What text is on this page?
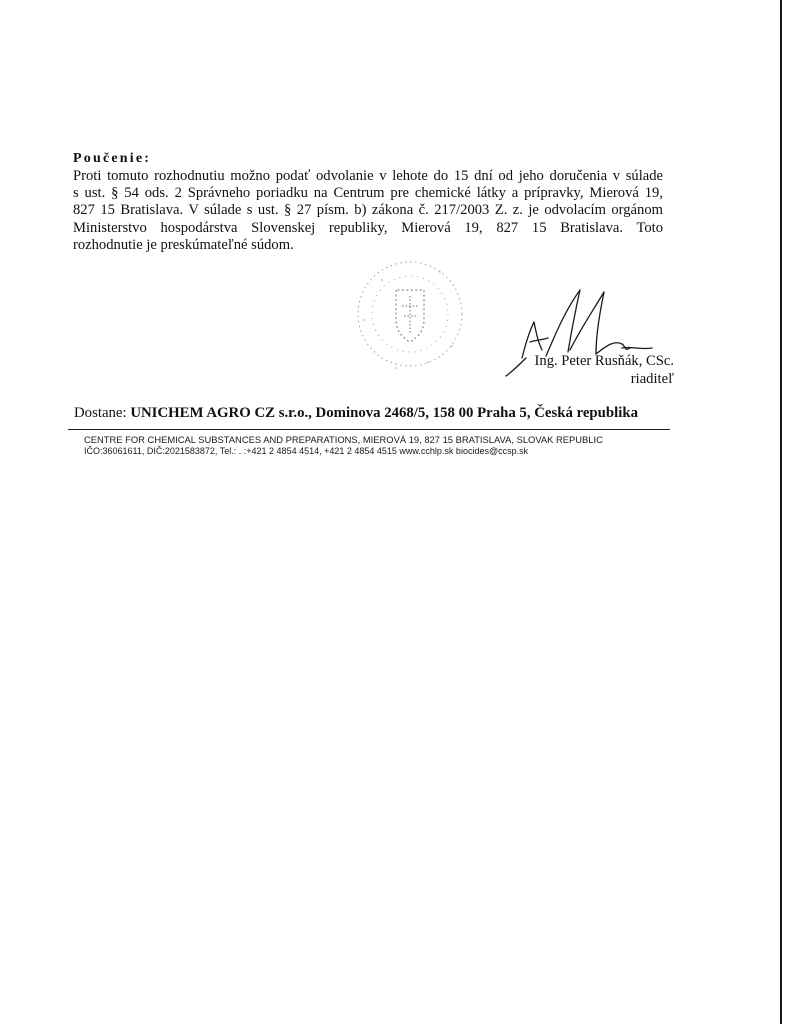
Poučenie:

Proti tomuto rozhodnutiu možno podať odvolanie v lehote do 15 dní od jeho doručenia v súlade
s ust. § 54 ods. 2 Správneho poriadku na Centrum pre chemické látky a prípravky, Mierová 19,
827 15 Bratislava. V súlade s ust. § 27 písm. b) zákona č. 217/2003 Z. z. je odvolacím orgánom
Ministerstvo hospodárstva Slovenskej republiky, Mierová 19, 827 15 Bratislava. Toto
rozhodnutie je preskúmateľné súdom.

Ing. Peter Rusňák, CSc.
riaditeľ
Dostane: UNICHEM AGRO CZ s.r.o., Dominova 2468/5, 158 00 Praha 5, Česká republika
CENTRE FOR CHEMICAL SUBSTANCES AND PREPARATIONS, MIEROVÁ 19, 827 15 BRATISLAVA, SLOVAK REPUBLIC
IČO:36061611, DIČ:2021583872, Tel.: . :+421 2 4854 4514, +421 2 4854 4515 www.cchlp.sk biocides@ccsp.sk
